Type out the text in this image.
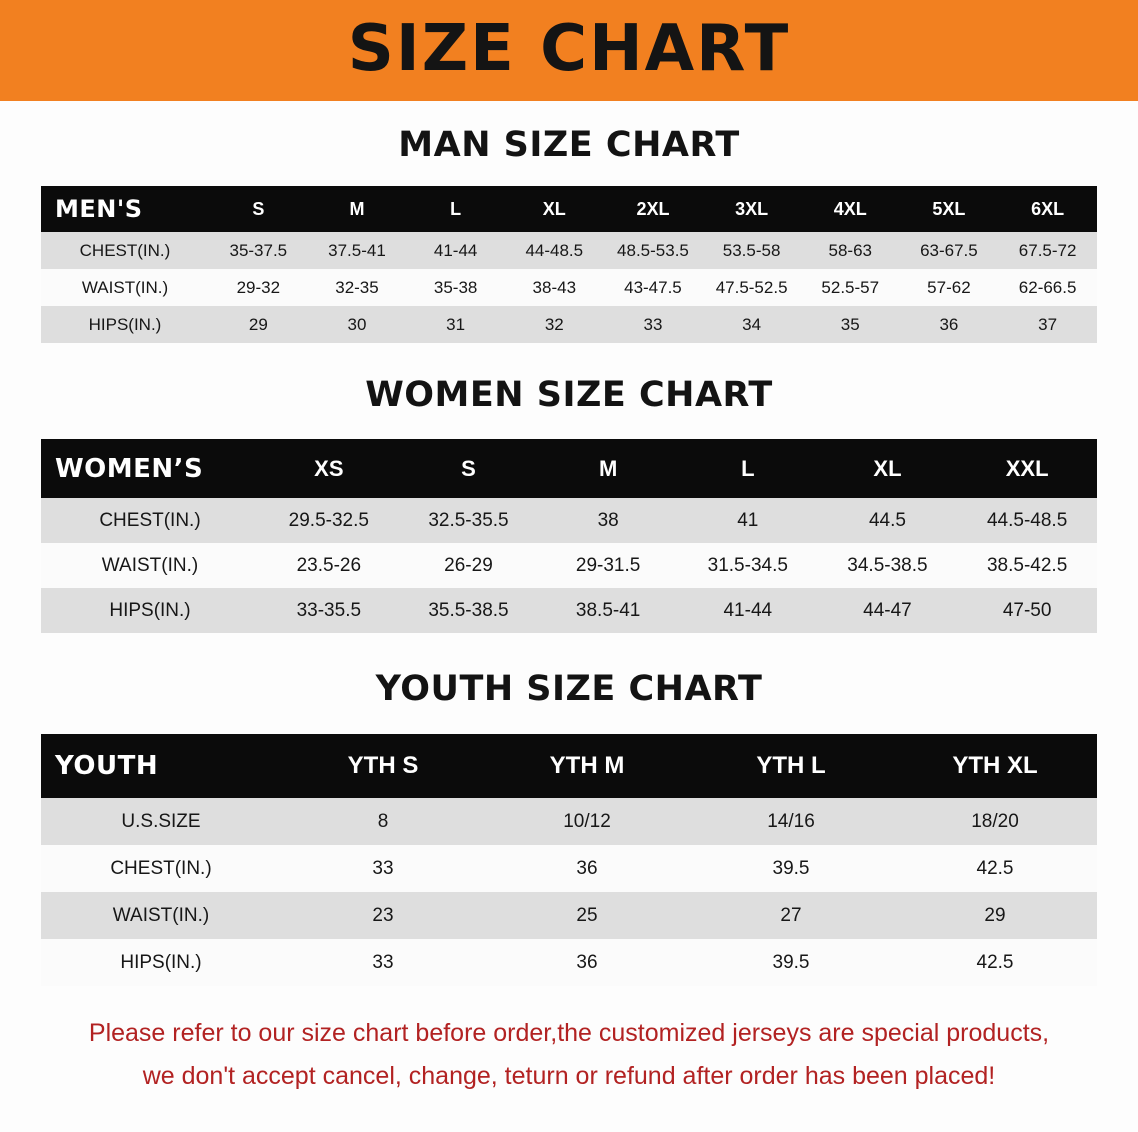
SIZE CHART
MAN SIZE CHART
MEN'S	S	M	L	XL	2XL	3XL	4XL	5XL	6XL
CHEST(IN.)	35-37.5	37.5-41	41-44	44-48.5	48.5-53.5	53.5-58	58-63	63-67.5	67.5-72
WAIST(IN.)	29-32	32-35	35-38	38-43	43-47.5	47.5-52.5	52.5-57	57-62	62-66.5
HIPS(IN.)	29	30	31	32	33	34	35	36	37
WOMEN SIZE CHART
WOMEN’S	XS	S	M	L	XL	XXL
CHEST(IN.)	29.5-32.5	32.5-35.5	38	41	44.5	44.5-48.5
WAIST(IN.)	23.5-26	26-29	29-31.5	31.5-34.5	34.5-38.5	38.5-42.5
HIPS(IN.)	33-35.5	35.5-38.5	38.5-41	41-44	44-47	47-50
YOUTH SIZE CHART
YOUTH	YTH S	YTH M	YTH L	YTH XL
U.S.SIZE	8	10/12	14/16	18/20
CHEST(IN.)	33	36	39.5	42.5
WAIST(IN.)	23	25	27	29
HIPS(IN.)	33	36	39.5	42.5
Please refer to our size chart before order,the customized jerseys are special products,
we don't accept cancel, change, teturn or refund after order has been placed!
